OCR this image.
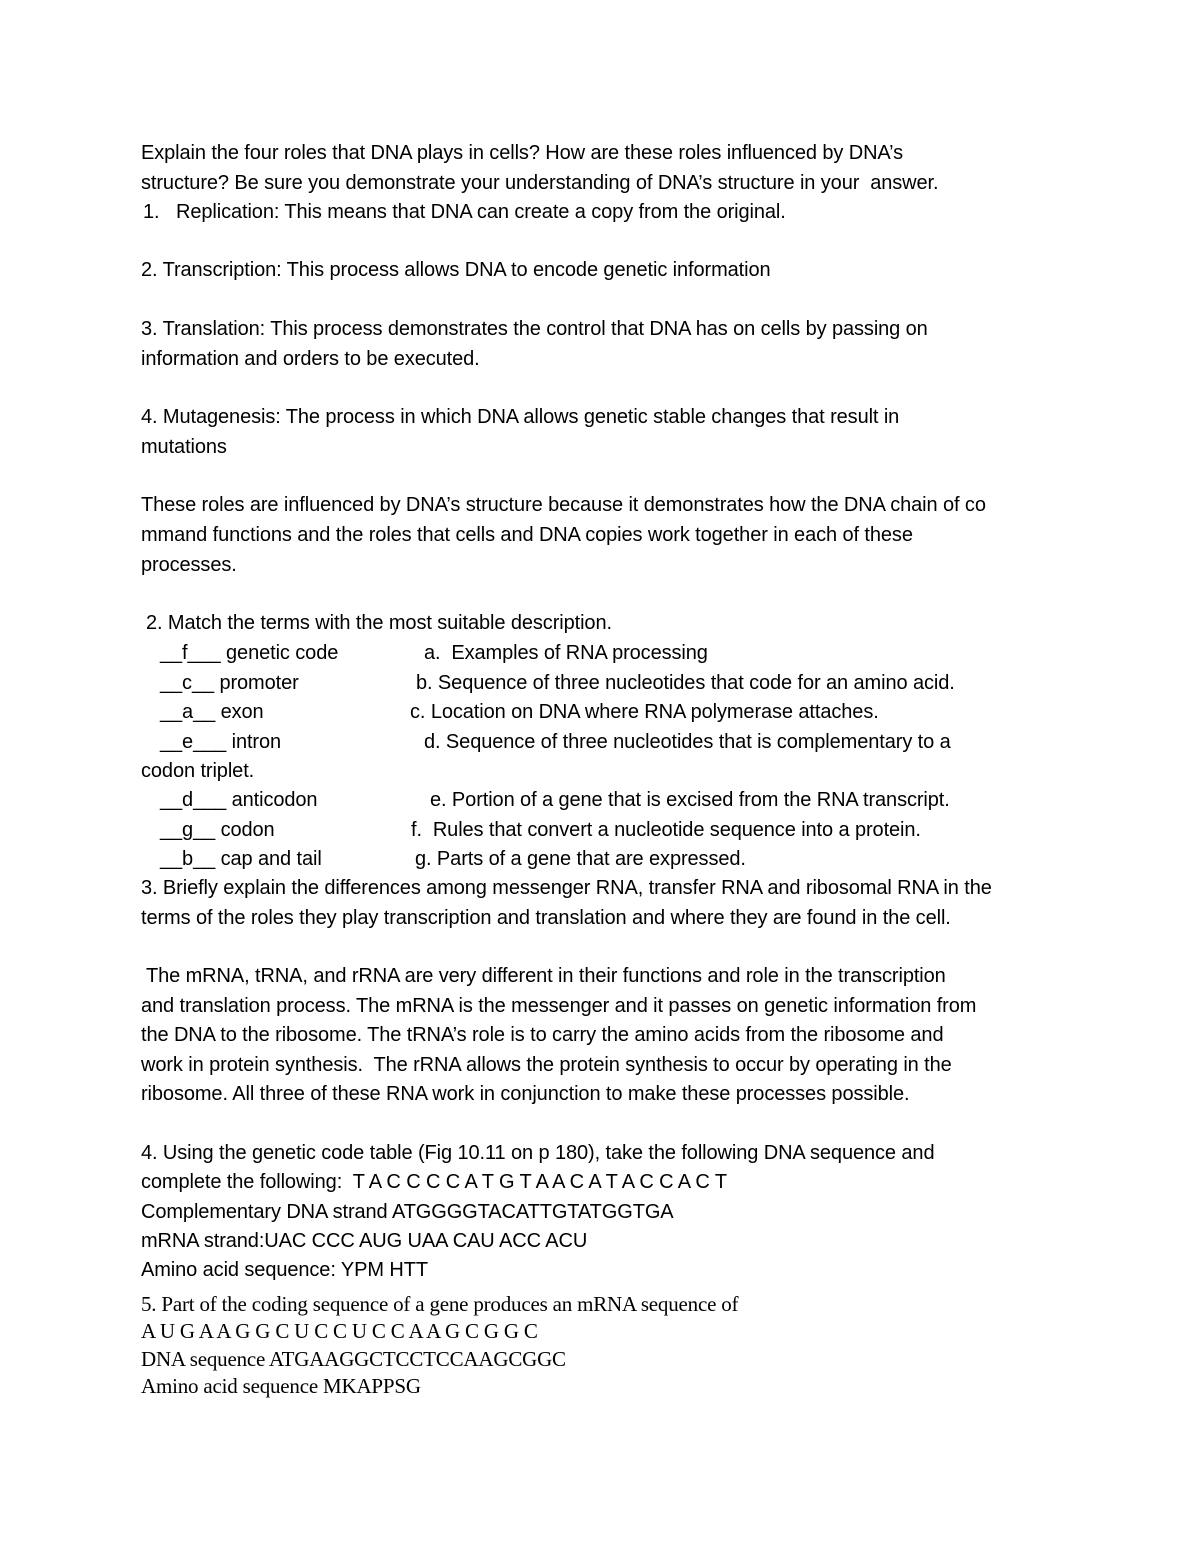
Explain the four roles that DNA plays in cells? How are these roles influenced by DNA’s
structure? Be sure you demonstrate your understanding of DNA’s structure in your  answer.
1. Replication: This means that DNA can create a copy from the original.
2. Transcription: This process allows DNA to encode genetic information
3. Translation: This process demonstrates the control that DNA has on cells by passing on
information and orders to be executed.
4. Mutagenesis: The process in which DNA allows genetic stable changes that result in
mutations
These roles are influenced by DNA’s structure because it demonstrates how the DNA chain of co
mmand functions and the roles that cells and DNA copies work together in each of these
processes.
2. Match the terms with the most suitable description.
__f___ genetic code	a.  Examples of RNA processing
__c__ promoter	b. Sequence of three nucleotides that code for an amino acid.
__a__ exon	c. Location on DNA where RNA polymerase attaches.
__e___ intron	d. Sequence of three nucleotides that is complementary to a
codon triplet.
__d___ anticodon	e. Portion of a gene that is excised from the RNA transcript.
__g__ codon	f.  Rules that convert a nucleotide sequence into a protein.
__b__ cap and tail	g. Parts of a gene that are expressed.
3. Briefly explain the differences among messenger RNA, transfer RNA and ribosomal RNA in the
terms of the roles they play transcription and translation and where they are found in the cell.
The mRNA, tRNA, and rRNA are very different in their functions and role in the transcription
and translation process. The mRNA is the messenger and it passes on genetic information from
the DNA to the ribosome. The tRNA’s role is to carry the amino acids from the ribosome and
work in protein synthesis.  The rRNA allows the protein synthesis to occur by operating in the
ribosome. All three of these RNA work in conjunction to make these processes possible.
4. Using the genetic code table (Fig 10.11 on p 180), take the following DNA sequence and
complete the following:  T A C C C C A T G T A A C A T A C C A C T
Complementary DNA strand ATGGGGTACATTGTATGGTGA
mRNA strand:UAC CCC AUG UAA CAU ACC ACU
Amino acid sequence: YPM HTT
5. Part of the coding sequence of a gene produces an mRNA sequence of
A U G A A G G C U C C U C C A A G C G G C
DNA sequence ATGAAGGCTCCTCCAAGCGGC
Amino acid sequence MKAPPSG
